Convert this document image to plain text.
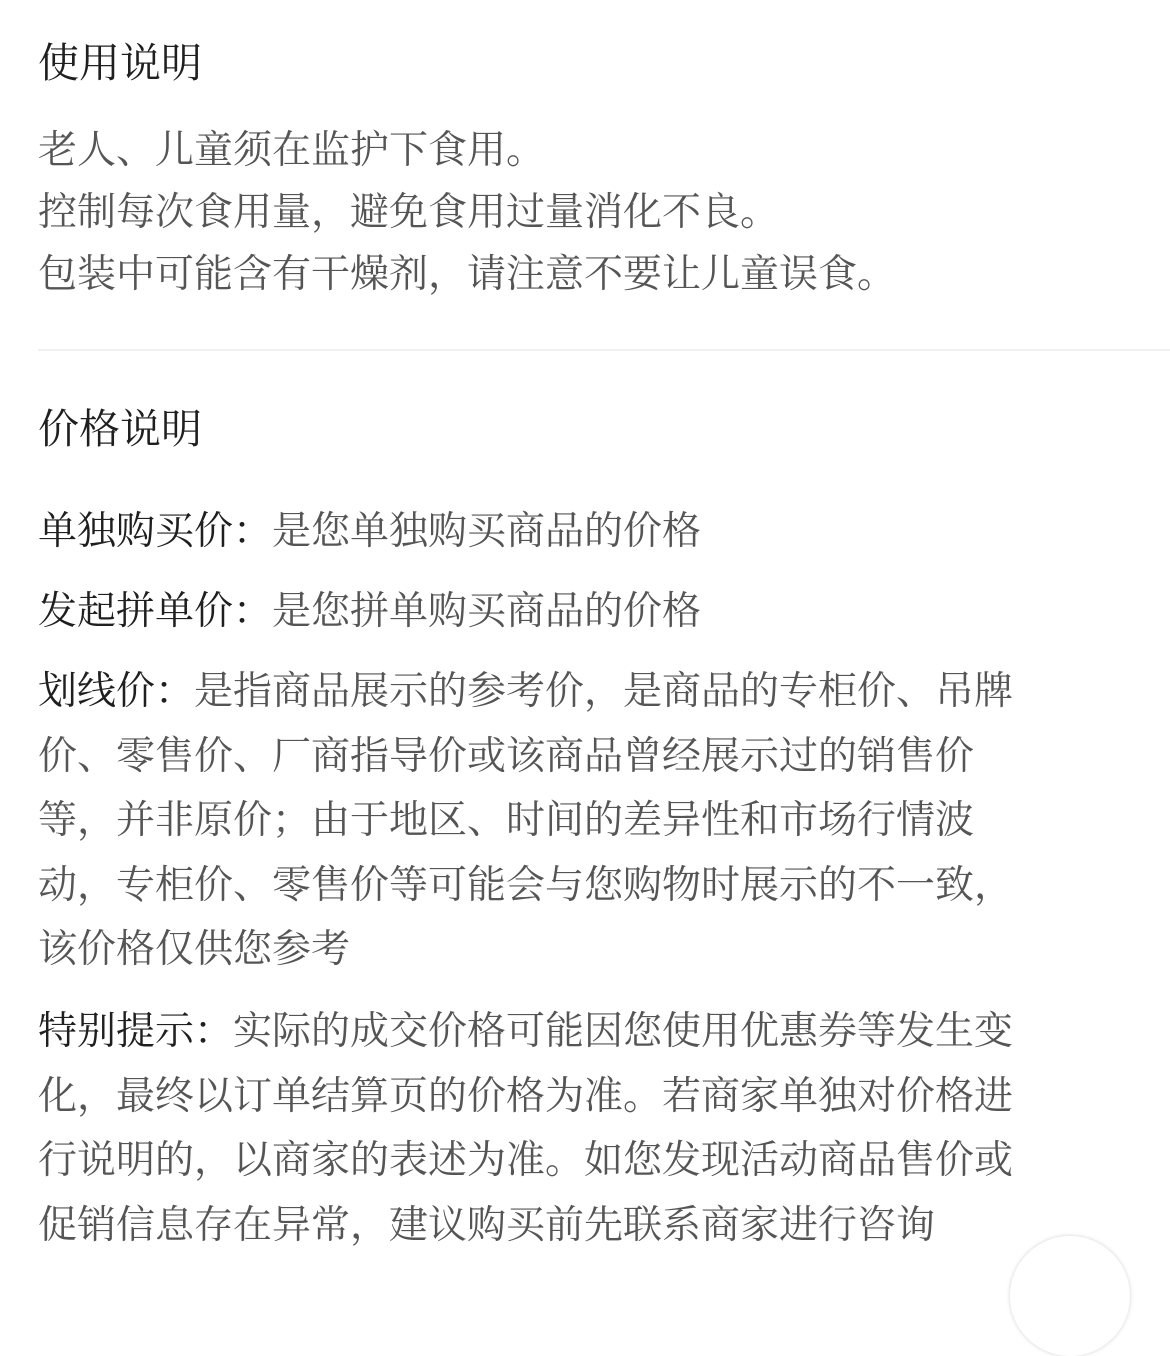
使用说明
老人、儿童须在监护下食用。
控制每次食用量，避免食用过量消化不良。
包装中可能含有干燥剂，请注意不要让儿童误食。
价格说明
单独购买价：是您单独购买商品的价格
发起拼单价：是您拼单购买商品的价格
划线价：是指商品展示的参考价，是商品的专柜价、吊牌
价、零售价、厂商指导价或该商品曾经展示过的销售价
等，并非原价；由于地区、时间的差异性和市场行情波
动，专柜价、零售价等可能会与您购物时展示的不一致，
该价格仅供您参考
特别提示：实际的成交价格可能因您使用优惠券等发生变
化，最终以订单结算页的价格为准。若商家单独对价格进
行说明的，以商家的表述为准。如您发现活动商品售价或
促销信息存在异常，建议购买前先联系商家进行咨询
